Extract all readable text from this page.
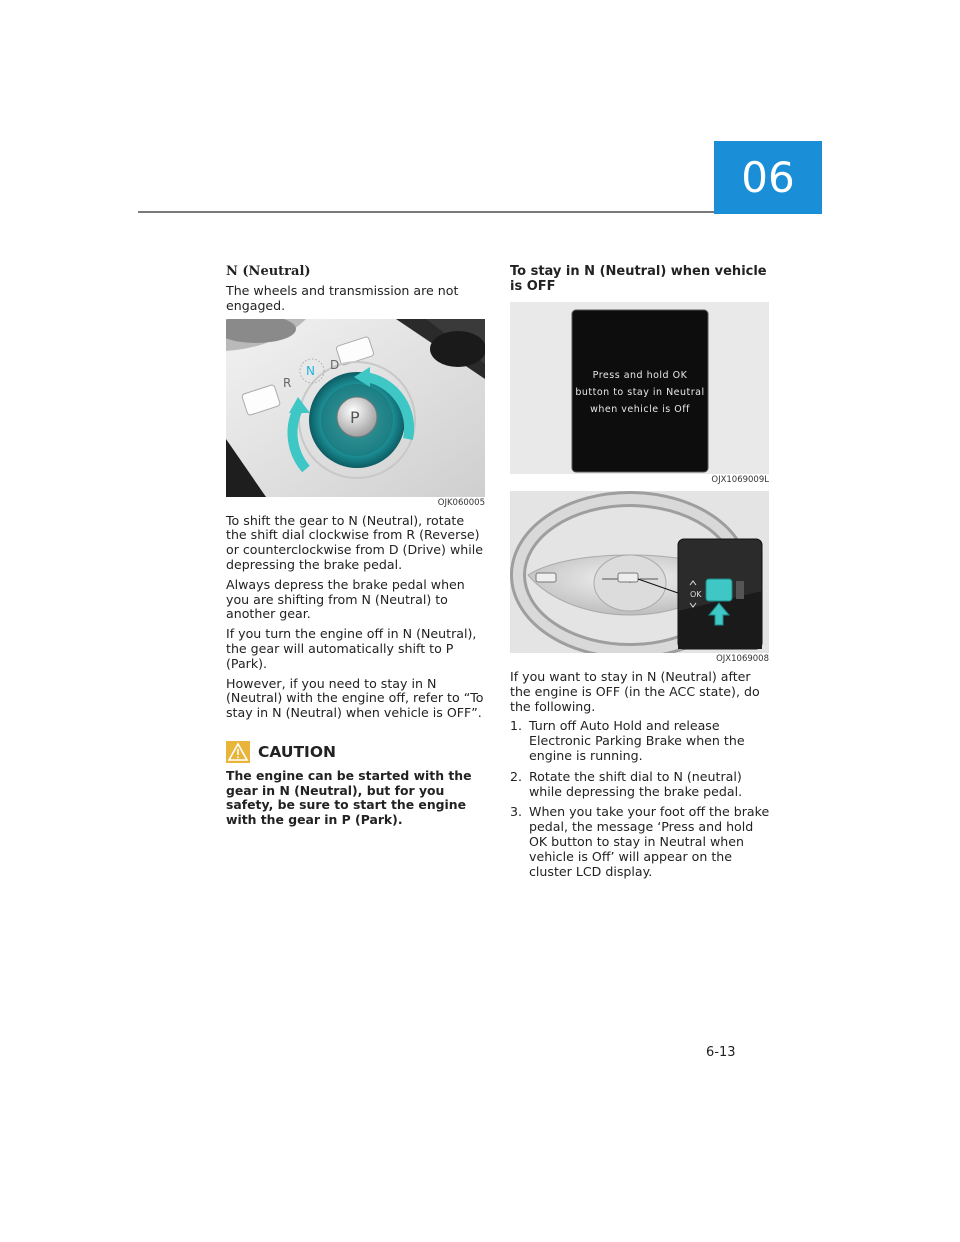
06
N (Neutral)

The wheels and transmission are not engaged.

P
R
N D
OJK060005

To shift the gear to N (Neutral), rotate the shift dial clockwise from R (Reverse) or counterclockwise from D (Drive) while depressing the brake pedal.

Always depress the brake pedal when you are shifting from N (Neutral) to another gear.

If you turn the engine off in N (Neutral), the gear will automatically shift to P (Park).

However, if you need to stay in N (Neutral) with the engine off, refer to “To stay in N (Neutral) when vehicle is OFF”.

CAUTION
The engine can be started with the gear in N (Neutral), but for you safety, be sure to start the engine with the gear in P (Park).
To stay in N (Neutral) when vehicle is OFF
Press and hold OK
button to stay in Neutral
when vehicle is Off
OJX1069009L
OK
OJX1069008

If you want to stay in N (Neutral) after the engine is OFF (in the ACC state), do the following.

1. Turn off Auto Hold and release Electronic Parking Brake when the engine is running.
2. Rotate the shift dial to N (neutral) while depressing the brake pedal.
3. When you take your foot off the brake pedal, the message ‘Press and hold OK button to stay in Neutral when vehicle is Off’ will appear on the cluster LCD display.
6-13
